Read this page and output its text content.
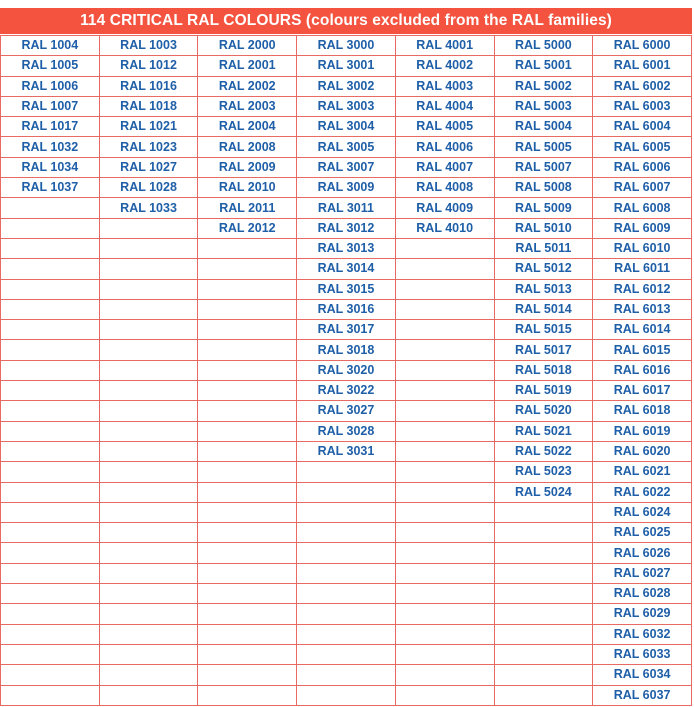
114 CRITICAL RAL COLOURS (colours excluded from the RAL families)
RAL 1004	RAL 1003	RAL 2000	RAL 3000	RAL 4001	RAL 5000	RAL 6000
RAL 1005	RAL 1012	RAL 2001	RAL 3001	RAL 4002	RAL 5001	RAL 6001
RAL 1006	RAL 1016	RAL 2002	RAL 3002	RAL 4003	RAL 5002	RAL 6002
RAL 1007	RAL 1018	RAL 2003	RAL 3003	RAL 4004	RAL 5003	RAL 6003
RAL 1017	RAL 1021	RAL 2004	RAL 3004	RAL 4005	RAL 5004	RAL 6004
RAL 1032	RAL 1023	RAL 2008	RAL 3005	RAL 4006	RAL 5005	RAL 6005
RAL 1034	RAL 1027	RAL 2009	RAL 3007	RAL 4007	RAL 5007	RAL 6006
RAL 1037	RAL 1028	RAL 2010	RAL 3009	RAL 4008	RAL 5008	RAL 6007
	RAL 1033	RAL 2011	RAL 3011	RAL 4009	RAL 5009	RAL 6008
		RAL 2012	RAL 3012	RAL 4010	RAL 5010	RAL 6009
			RAL 3013		RAL 5011	RAL 6010
			RAL 3014		RAL 5012	RAL 6011
			RAL 3015		RAL 5013	RAL 6012
			RAL 3016		RAL 5014	RAL 6013
			RAL 3017		RAL 5015	RAL 6014
			RAL 3018		RAL 5017	RAL 6015
			RAL 3020		RAL 5018	RAL 6016
			RAL 3022		RAL 5019	RAL 6017
			RAL 3027		RAL 5020	RAL 6018
			RAL 3028		RAL 5021	RAL 6019
			RAL 3031		RAL 5022	RAL 6020
					RAL 5023	RAL 6021
					RAL 5024	RAL 6022
						RAL 6024
						RAL 6025
						RAL 6026
						RAL 6027
						RAL 6028
						RAL 6029
						RAL 6032
						RAL 6033
						RAL 6034
						RAL 6037
